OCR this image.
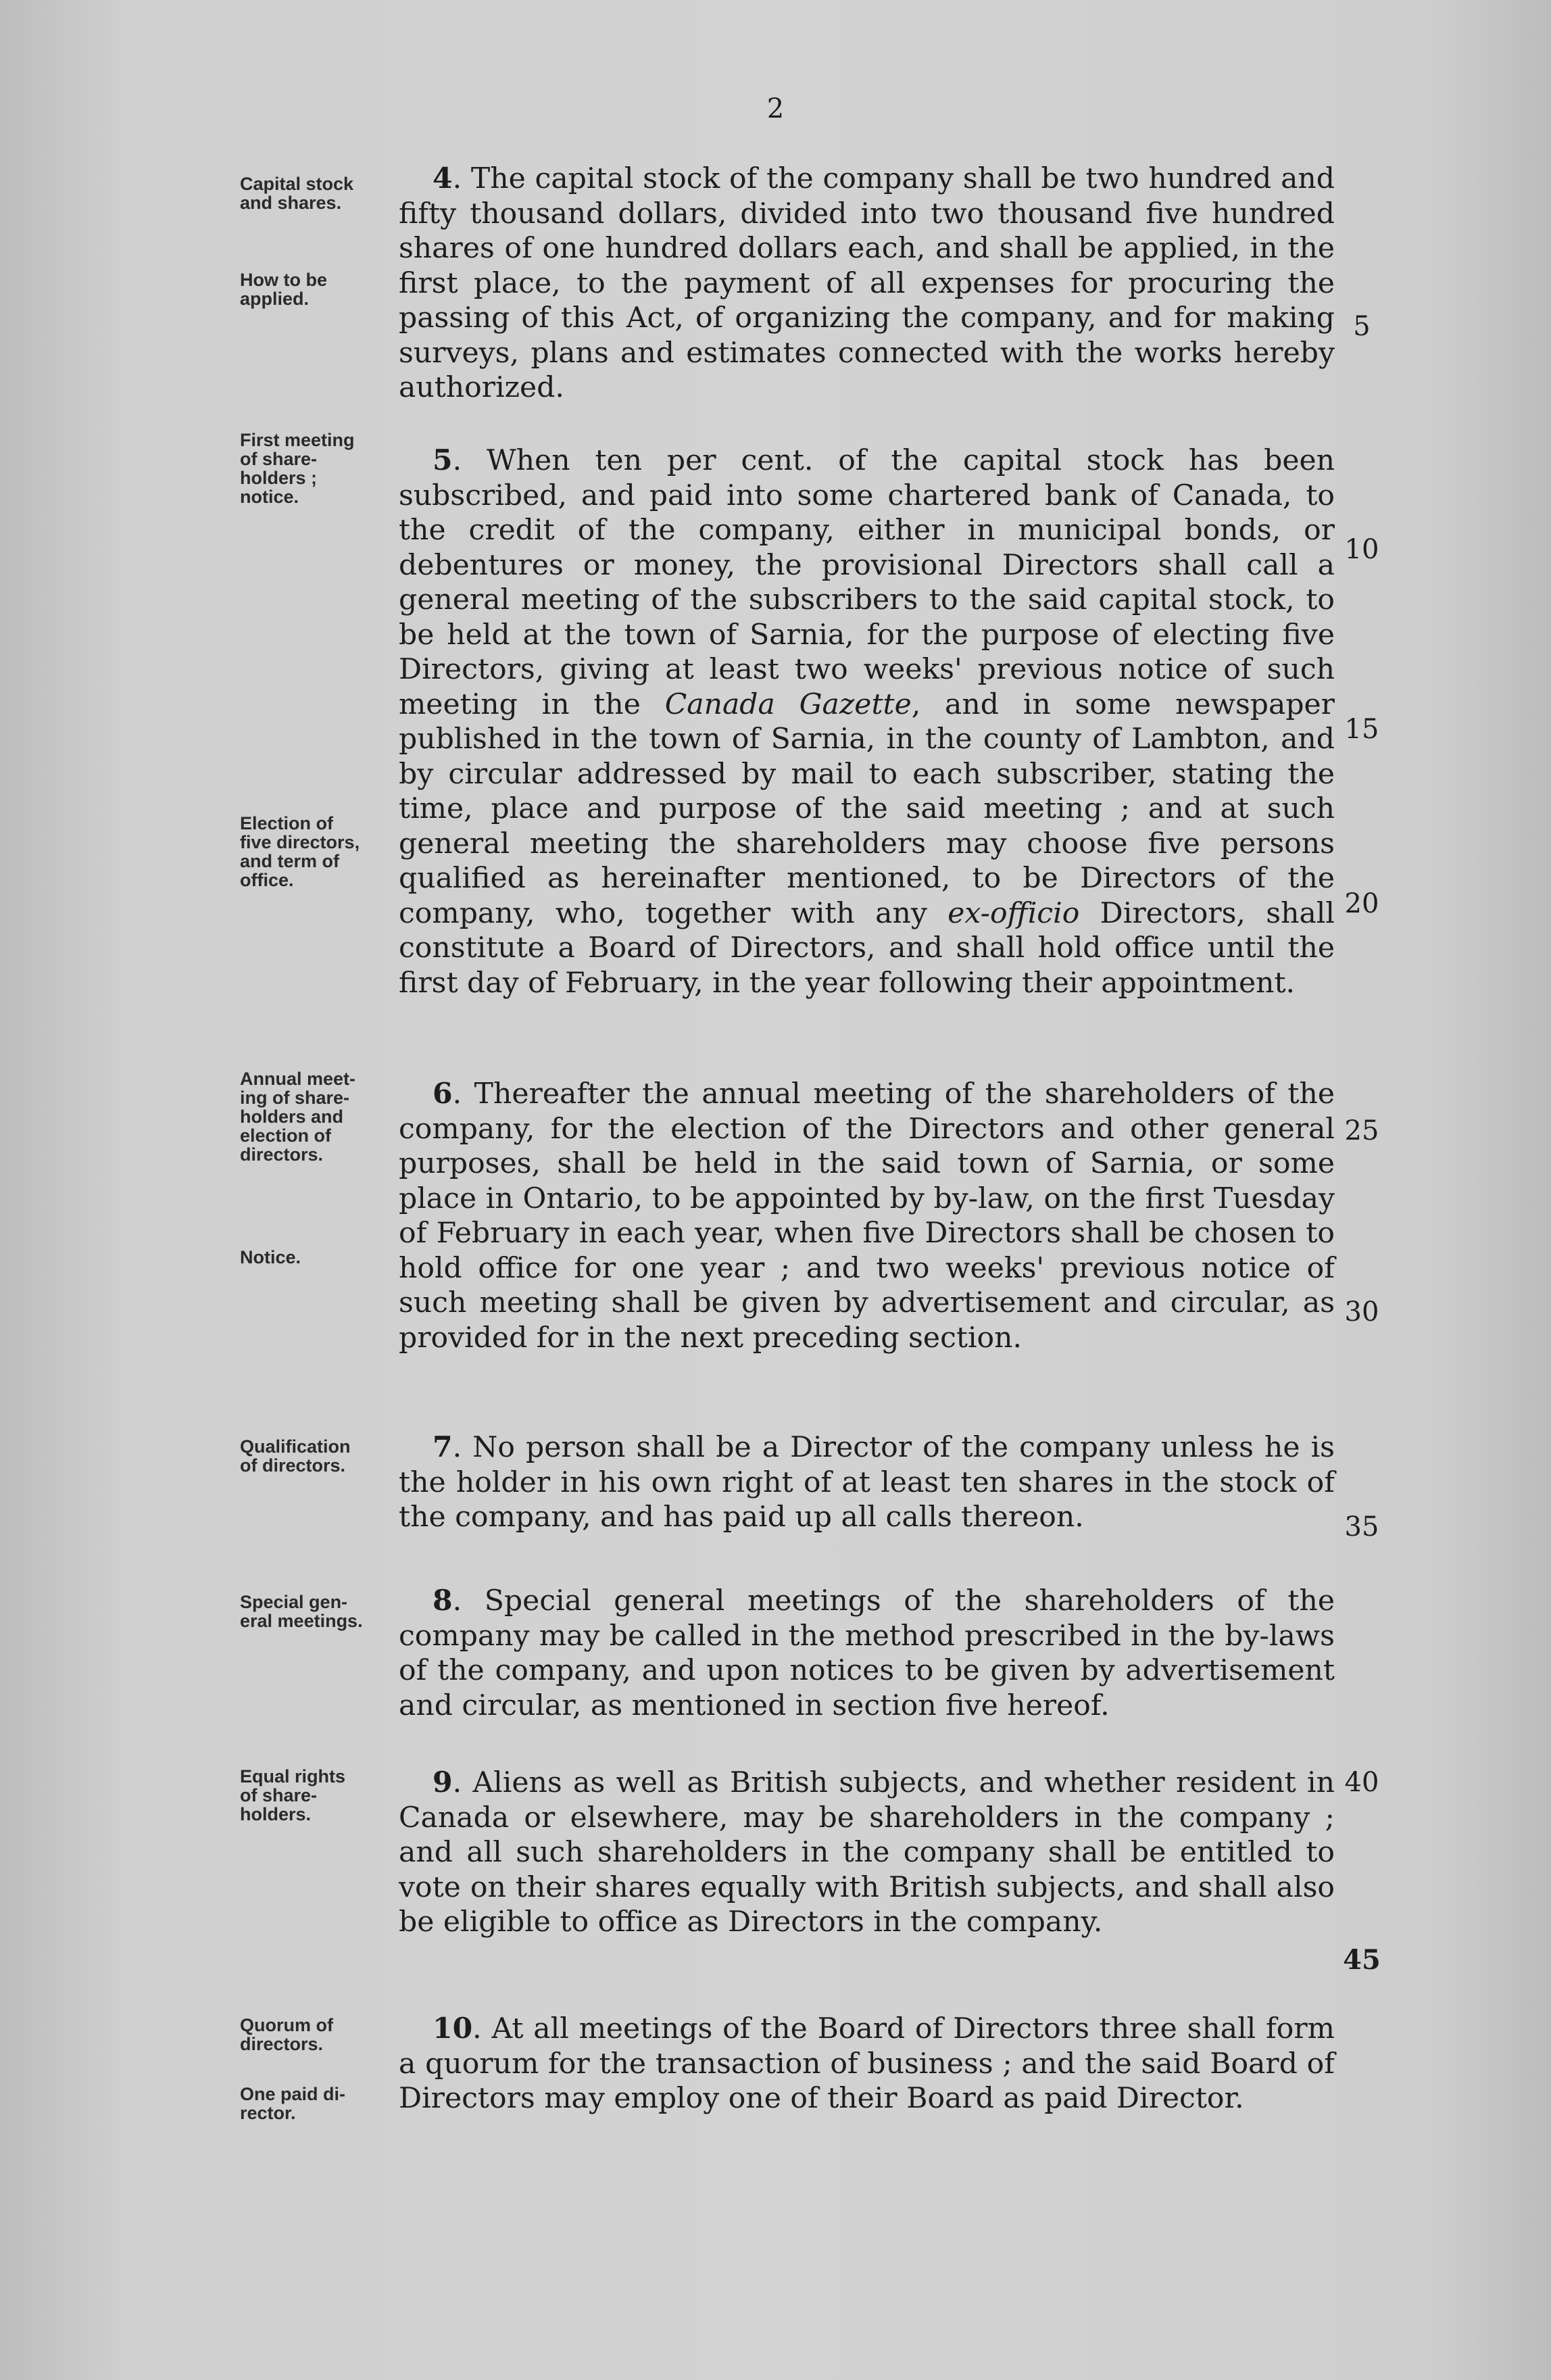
2
Capital stock
and shares.
How to be
applied.
First meeting
of share-
holders ;
notice.
Election of
five directors,
and term of
office.
Annual meet-
ing of share-
holders and
election of
directors.
Notice.
Qualification
of directors.
Special gen-
eral meetings.
Equal rights
of share-
holders.
Quorum of
directors.
One paid di-
rector.
4. The capital stock of the company shall be two hundred and fifty thousand dollars, divided into two thousand five hundred shares of one hundred dollars each, and shall be applied, in the first place, to the payment of all expenses for procuring the passing of this Act, of organizing the company, and for making surveys, plans and estimates connected with the works hereby authorized.
5. When ten per cent. of the capital stock has been subscribed, and paid into some chartered bank of Canada, to the credit of the company, either in municipal bonds, or debentures or money, the provisional Directors shall call a general meeting of the subscribers to the said capital stock, to be held at the town of Sarnia, for the purpose of electing five Directors, giving at least two weeks' previous notice of such meeting in the Canada Gazette, and in some newspaper published in the town of Sarnia, in the county of Lambton, and by circular addressed by mail to each subscriber, stating the time, place and purpose of the said meeting ; and at such general meeting the shareholders may choose five persons qualified as hereinafter mentioned, to be Directors of the company, who, together with any ex-officio Directors, shall constitute a Board of Directors, and shall hold office until the first day of February, in the year following their appointment.
6. Thereafter the annual meeting of the shareholders of the company, for the election of the Directors and other general purposes, shall be held in the said town of Sarnia, or some place in Ontario, to be appointed by by-law, on the first Tuesday of February in each year, when five Directors shall be chosen to hold office for one year ; and two weeks' previous notice of such meeting shall be given by advertisement and circular, as provided for in the next preceding section.
7. No person shall be a Director of the company unless he is the holder in his own right of at least ten shares in the stock of the company, and has paid up all calls thereon.
8. Special general meetings of the shareholders of the company may be called in the method prescribed in the by-laws of the company, and upon notices to be given by advertisement and circular, as mentioned in section five hereof.
9. Aliens as well as British subjects, and whether resident in Canada or elsewhere, may be shareholders in the company ; and all such shareholders in the company shall be entitled to vote on their shares equally with British subjects, and shall also be eligible to office as Directors in the company.
10. At all meetings of the Board of Directors three shall form a quorum for the transaction of business ; and the said Board of Directors may employ one of their Board as paid Director.
5
10
15
20
25
30
35
40
45
